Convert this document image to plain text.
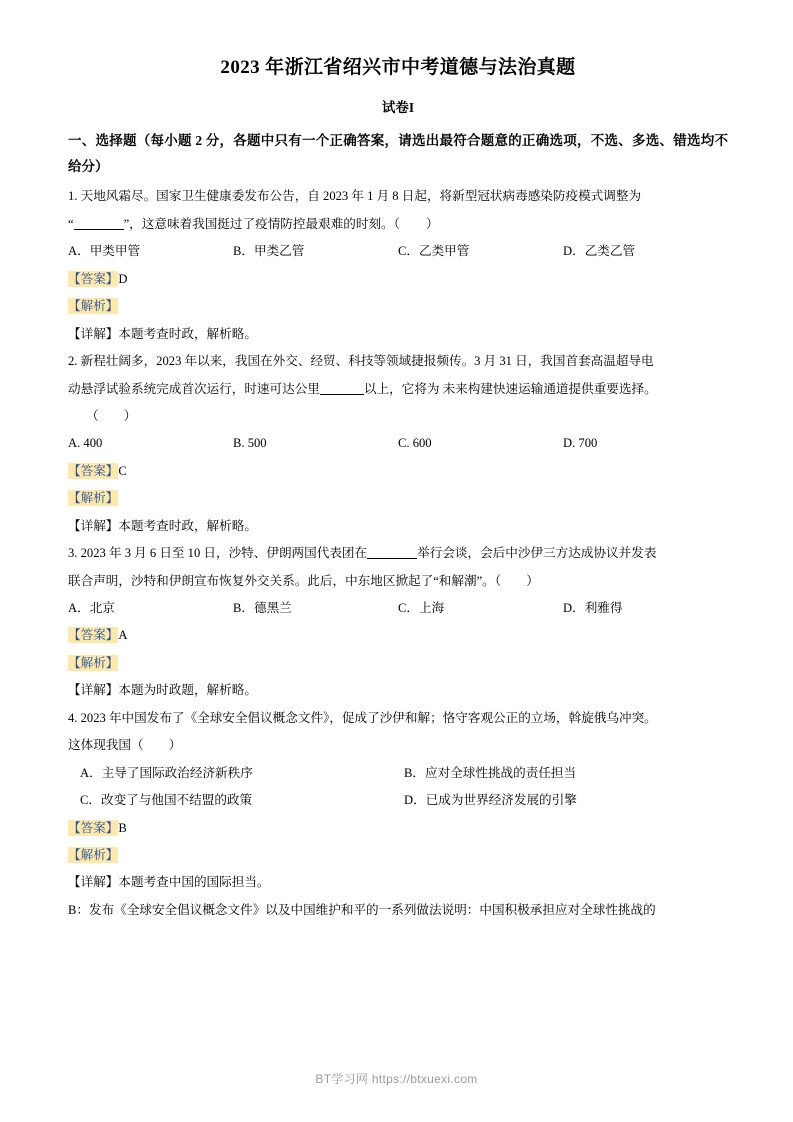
2023 年浙江省绍兴市中考道德与法治真题
试卷I
一、选择题（每小题 2 分，各题中只有一个正确答案，请选出最符合题意的正确选项，不选、多选、错选均不给分）
1. 天地风霜尽。国家卫生健康委发布公告，自 2023 年 1 月 8 日起，将新型冠状病毒感染防疫模式调整为
“	”，这意味着我国挺过了疫情防控最艰难的时刻。（ ）
A．甲类甲管	B．甲类乙管	C．乙类甲管	D．乙类乙管
【答案】D
【解析】
【详解】本题考查时政，解析略。
2. 新程壮阔多，2023 年以来，我国在外交、经贸、科技等领域捷报频传。3 月 31 日，我国首套高温超导电
动悬浮试验系统完成首次运行，时速可达公里	以上，它将为 未来构建快速运输通道提供重要选择。
（　　）
A. 400	B. 500	C. 600	D. 700
【答案】C
【解析】
【详解】本题考查时政，解析略。
3. 2023 年 3 月 6 日至 10 日，沙特、伊朗两国代表团在	举行会谈，会后中沙伊三方达成协议并发表
联合声明，沙特和伊朗宣布恢复外交关系。此后，中东地区掀起了“和解潮”。（　　）
A．北京	B．德黑兰	C．上海	D．利雅得
【答案】A
【解析】
【详解】本题为时政题，解析略。
4. 2023 年中国发布了《全球安全倡议概念文件》，促成了沙伊和解；恪守客观公正的立场，斡旋俄乌冲突。
这体现我国（　　）
A．主导了国际政治经济新秩序	B．应对全球性挑战的责任担当
C．改变了与他国不结盟的政策	D．已成为世界经济发展的引擎
【答案】B
【解析】
【详解】本题考查中国的国际担当。
B：发布《全球安全倡议概念文件》以及中国维护和平的一系列做法说明：中国积极承担应对全球性挑战的
BT学习网 https://btxuexi.com
